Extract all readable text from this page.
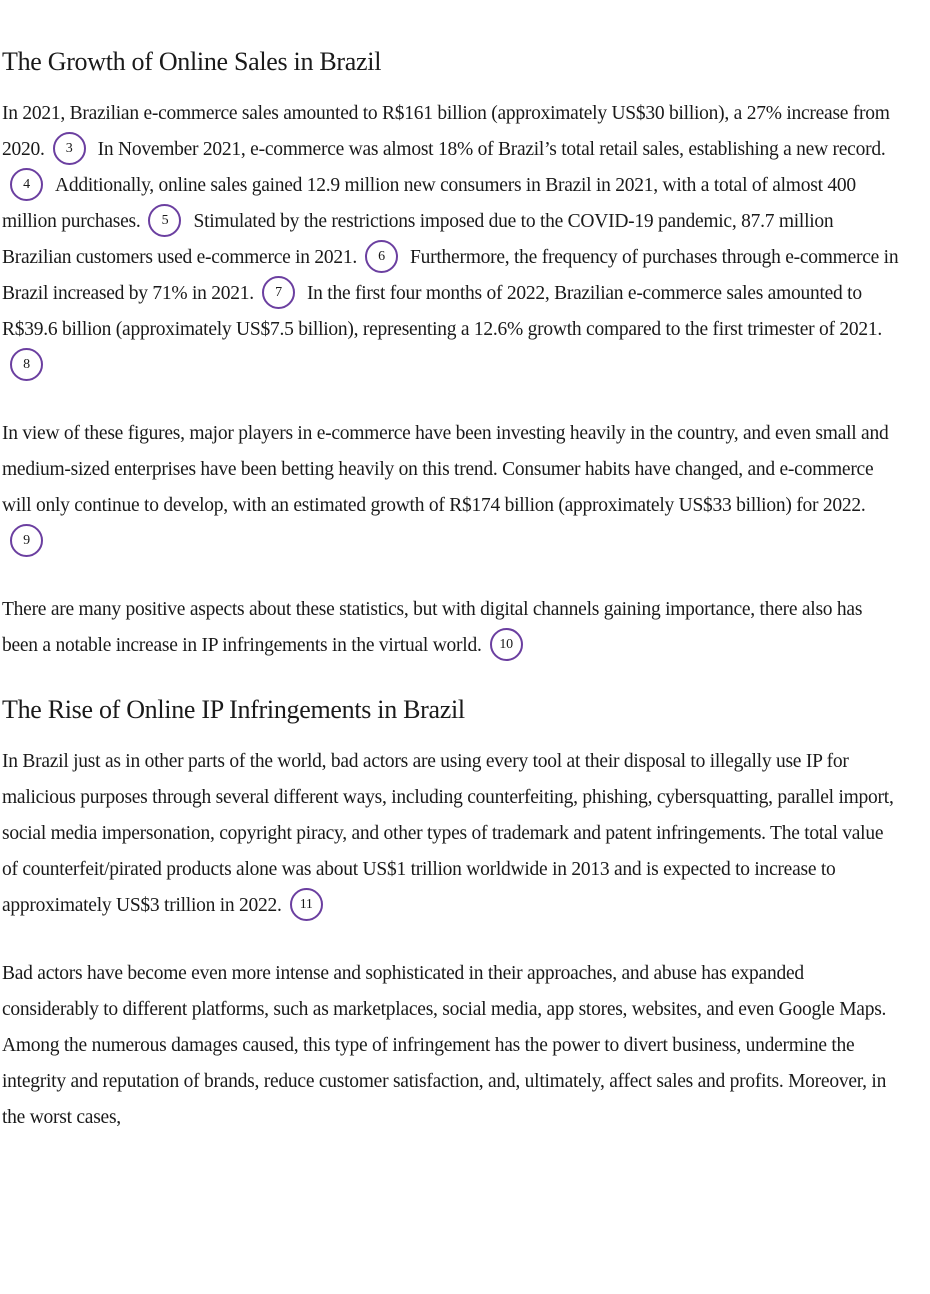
The Growth of Online Sales in Brazil

In 2021, Brazilian e-commerce sales amounted to R$161 billion (approximately US$30 billion), a 27% increase from 2020. 3 In November 2021, e-commerce was almost 18% of Brazil’s total retail sales, establishing a new record.4 Additionally, online sales gained 12.9 million new consumers in Brazil in 2021, with a total of almost 400 million purchases. 5 Stimulated by the restrictions imposed due to the COVID-19 pandemic, 87.7 million Brazilian customers used e-commerce in 2021. 6 Furthermore, the frequency of purchases through e-commerce in Brazil increased by 71% in 2021. 7 In the first four months of 2022, Brazilian e-commerce sales amounted to R$39.6 billion (approximately US$7.5 billion), representing a 12.6% growth compared to the first trimester of 2021.8

In view of these figures, major players in e-commerce have been investing heavily in the country, and even small and medium-sized enterprises have been betting heavily on this trend. Consumer habits have changed, and e-commerce will only continue to develop, with an estimated growth of R$174 billion (approximately US$33 billion) for 2022.9

There are many positive aspects about these statistics, but with digital channels gaining importance, there also has been a notable increase in IP infringements in the virtual world. 10

The Rise of Online IP Infringements in Brazil

In Brazil just as in other parts of the world, bad actors are using every tool at their disposal to illegally use IP for malicious purposes through several different ways, including counterfeiting, phishing, cybersquatting, parallel import, social media impersonation, copyright piracy, and other types of trademark and patent infringements. The total value of counterfeit/pirated products alone was about US$1 trillion worldwide in 2013 and is expected to increase to approximately US$3 trillion in 2022. 11

Bad actors have become even more intense and sophisticated in their approaches, and abuse has expanded considerably to different platforms, such as marketplaces, social media, app stores, websites, and even Google Maps. Among the numerous damages caused, this type of infringement has the power to divert business, undermine the integrity and reputation of brands, reduce customer satisfaction, and, ultimately, affect sales and profits. Moreover, in the worst cases,
